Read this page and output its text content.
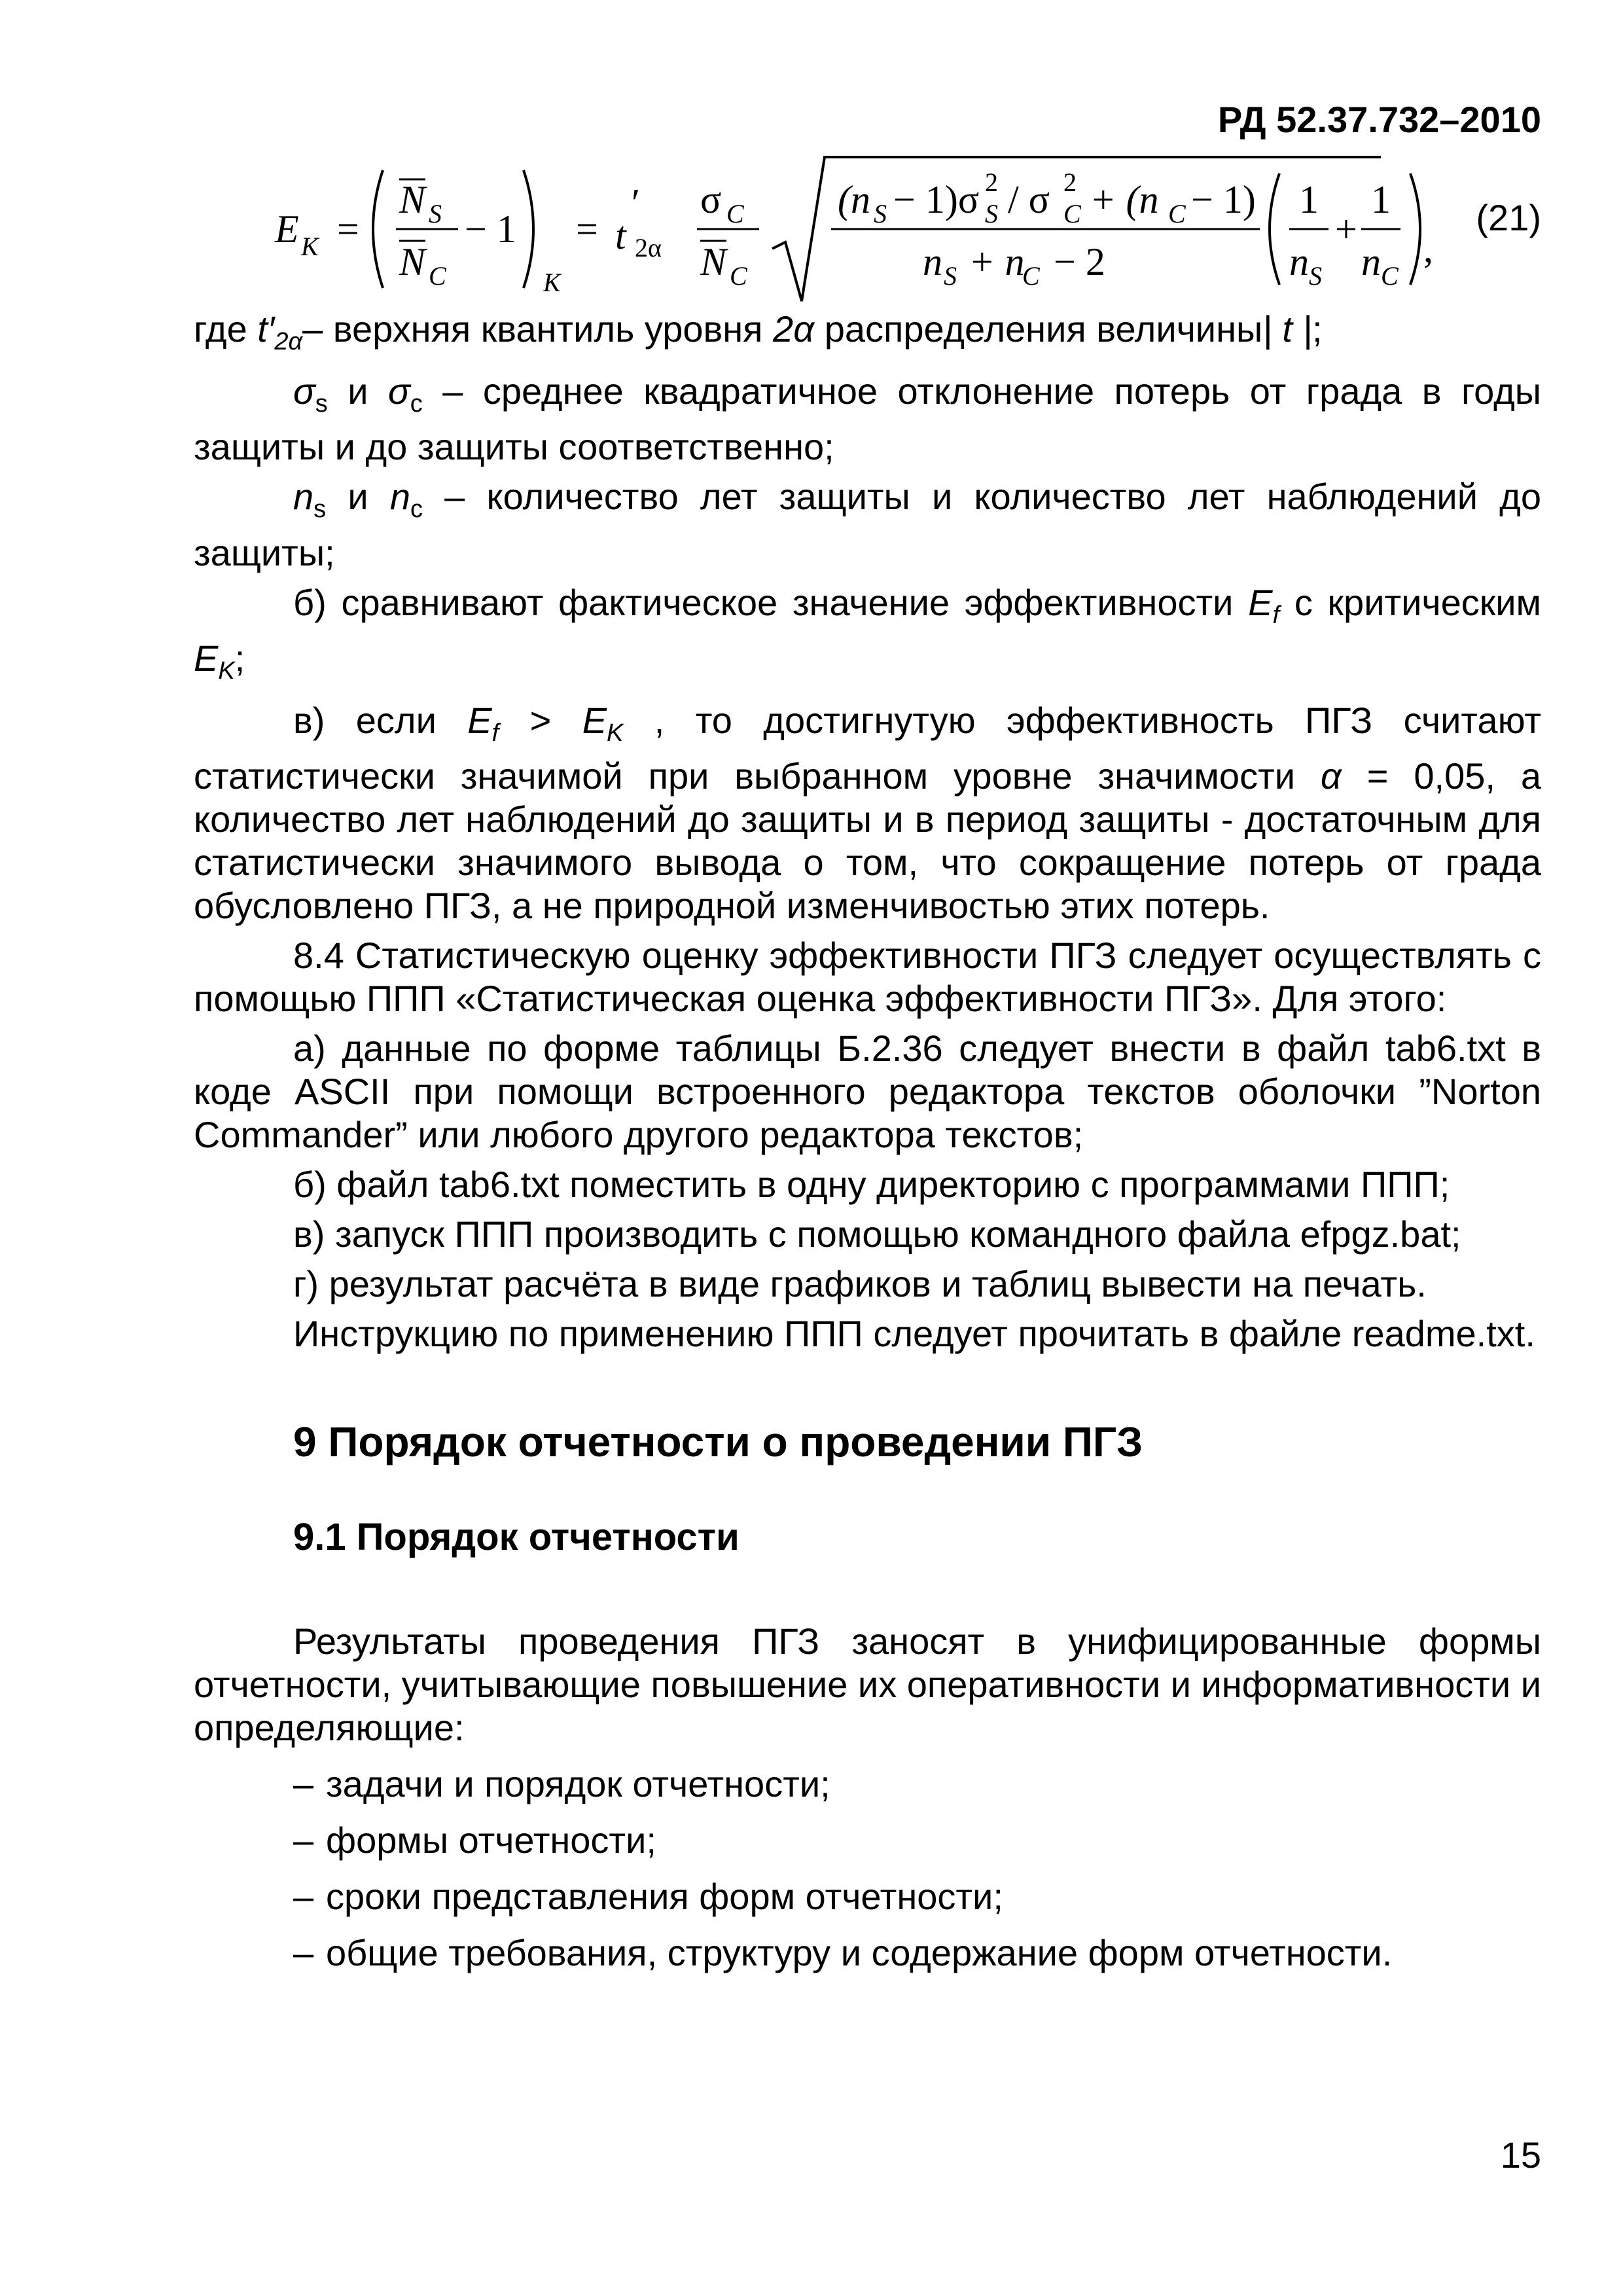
РД 52.37.732–2010
E K =
N S
N C
− 1
K
= t
′
2α
σ C
N C
(n S − 1)σ S
2 / σ C
2 + (n C − 1)
n S + n
C − 2
1
n S
+
1
n C
,
(21)

где $t'_{2\alpha}-$ верхняя квантиль уровня 2α распределения величины| t |;

$\sigma_s$ и $\sigma_c$ – среднее квадратичное отклонение потерь от града в годы защиты и до защиты соответственно;

$n_s$ и $n_c$ – количество лет защиты и количество лет наблюдений до защиты;

б) сравнивают фактическое значение эффективности $E_f$ с критическим $E_K$;

в) если $E_f > E_K$ , то достигнутую эффективность ПГЗ считают статистически значимой при выбранном уровне значимости α = 0,05, а количество лет наблюдений до защиты и в период защиты - достаточным для статистически значимого вывода о том, что сокращение потерь от града обусловлено ПГЗ, а не природной изменчивостью этих потерь.

8.4 Статистическую оценку эффективности ПГЗ следует осуществлять с помощью ППП «Статистическая оценка эффективности ПГЗ». Для этого:

а) данные по форме таблицы Б.2.36 следует внести в файл tab6.txt в коде ASCII при помощи встроенного редактора текстов оболочки ”Norton Commander” или любого другого редактора текстов;

б) файл tab6.txt поместить в одну директорию с программами ППП;

в) запуск ППП производить с помощью командного файла efpgz.bat;

г) результат расчёта в виде графиков и таблиц вывести на печать.

Инструкцию по применению ППП следует прочитать в файле readme.txt.

9 Порядок отчетности о проведении ПГЗ
9.1 Порядок отчетности

Результаты проведения ПГЗ заносят в унифицированные формы отчетности, учитывающие повышение их оперативности и информативности и определяющие:

– задачи и порядок отчетности;
– формы отчетности;
– сроки представления форм отчетности;
– общие требования, структуру и содержание форм отчетности.
15
